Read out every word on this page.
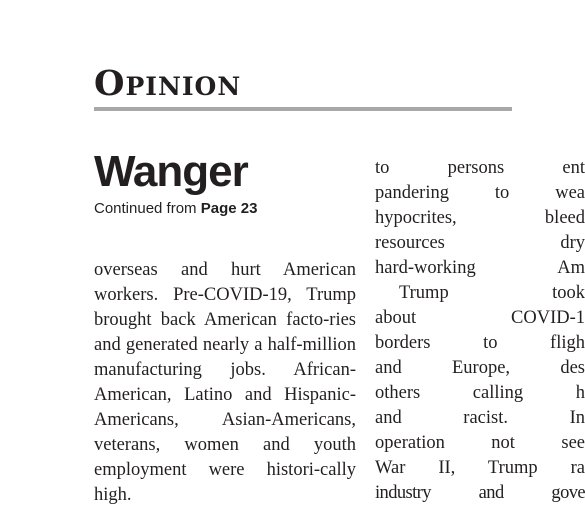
OPINION
Wanger

Continued from Page 23

overseas and hurt American workers. Pre-COVID-19, Trump brought back American facto-ries and generated nearly a half-million manufacturing jobs. African-American, Latino and Hispanic-Americans, Asian-Americans, veterans, women and youth employment were histori-cally high.

to persons ent
pandering to wea
hypocrites, bleed
resources dry
hard-working Am
Trump took
about COVID-1
borders to fligh
and Europe, des
others calling h
and racist. In
operation not see
War II, Trump ra
industry and gove
